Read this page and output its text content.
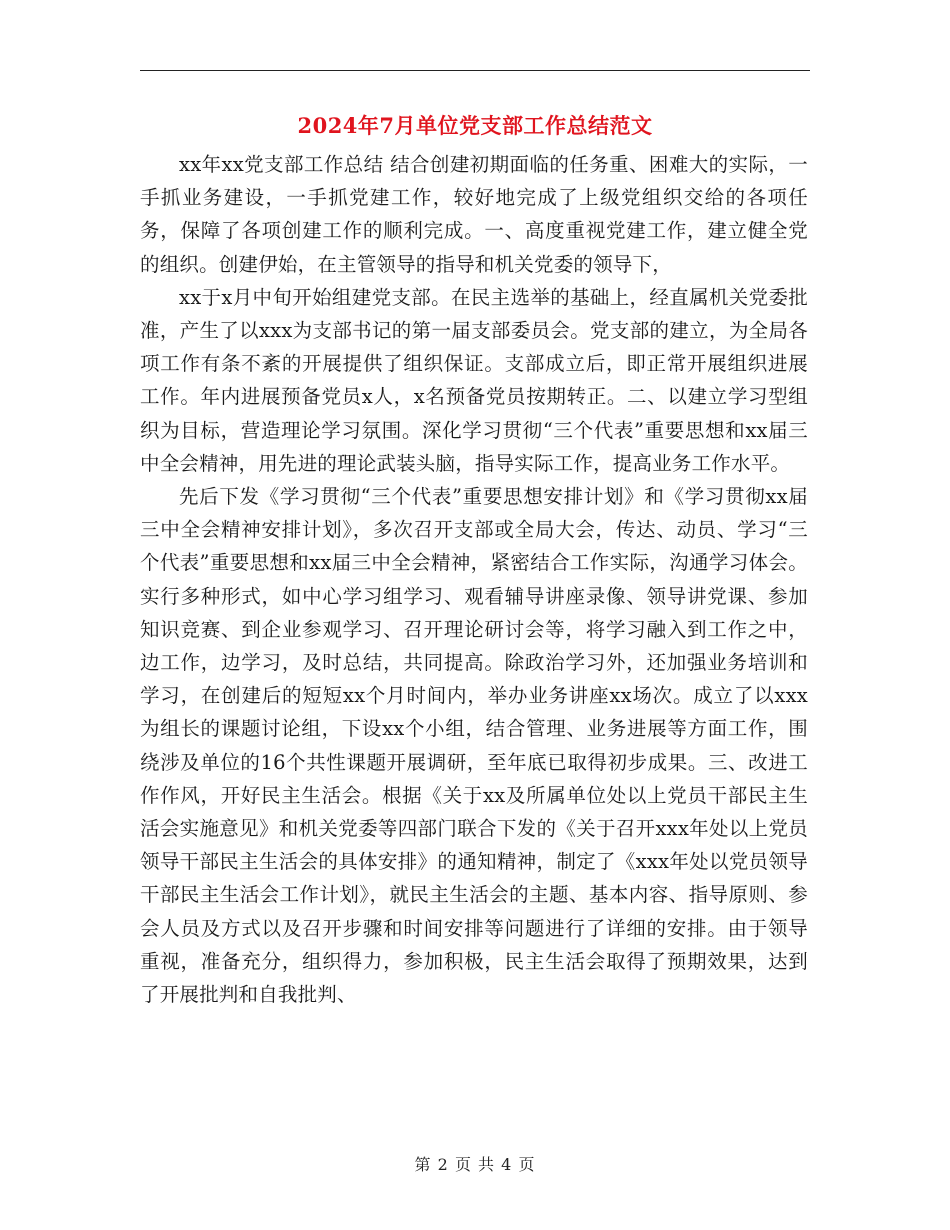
2024年7月单位党支部工作总结范文

xx年xx党支部工作总结 结合创建初期面临的任务重、困难大的实际，一手抓业务建设，一手抓党建工作，较好地完成了上级党组织交给的各项任务，保障了各项创建工作的顺利完成。一、高度重视党建工作，建立健全党的组织。创建伊始，在主管领导的指导和机关党委的领导下，

xx于x月中旬开始组建党支部。在民主选举的基础上，经直属机关党委批准，产生了以xxx为支部书记的第一届支部委员会。党支部的建立，为全局各项工作有条不紊的开展提供了组织保证。支部成立后，即正常开展组织进展工作。年内进展预备党员x人，x名预备党员按期转正。二、以建立学习型组织为目标，营造理论学习氛围。深化学习贯彻“三个代表”重要思想和xx届三中全会精神，用先进的理论武装头脑，指导实际工作，提高业务工作水平。

先后下发《学习贯彻“三个代表”重要思想安排计划》和《学习贯彻xx届三中全会精神安排计划》，多次召开支部或全局大会，传达、动员、学习“三个代表”重要思想和xx届三中全会精神，紧密结合工作实际，沟通学习体会。实行多种形式，如中心学习组学习、观看辅导讲座录像、领导讲党课、参加知识竞赛、到企业参观学习、召开理论研讨会等，将学习融入到工作之中，边工作，边学习，及时总结，共同提高。除政治学习外，还加强业务培训和学习，在创建后的短短xx个月时间内，举办业务讲座xx场次。成立了以xxx为组长的课题讨论组，下设xx个小组，结合管理、业务进展等方面工作，围绕涉及单位的16个共性课题开展调研，至年底已取得初步成果。三、改进工作作风，开好民主生活会。根据《关于xx及所属单位处以上党员干部民主生活会实施意见》和机关党委等四部门联合下发的《关于召开xxx年处以上党员领导干部民主生活会的具体安排》的通知精神，制定了《xxx年处以党员领导干部民主生活会工作计划》，就民主生活会的主题、基本内容、指导原则、参会人员及方式以及召开步骤和时间安排等问题进行了详细的安排。由于领导重视，准备充分，组织得力，参加积极，民主生活会取得了预期效果，达到了开展批判和自我批判、

第 2 页 共 4 页
